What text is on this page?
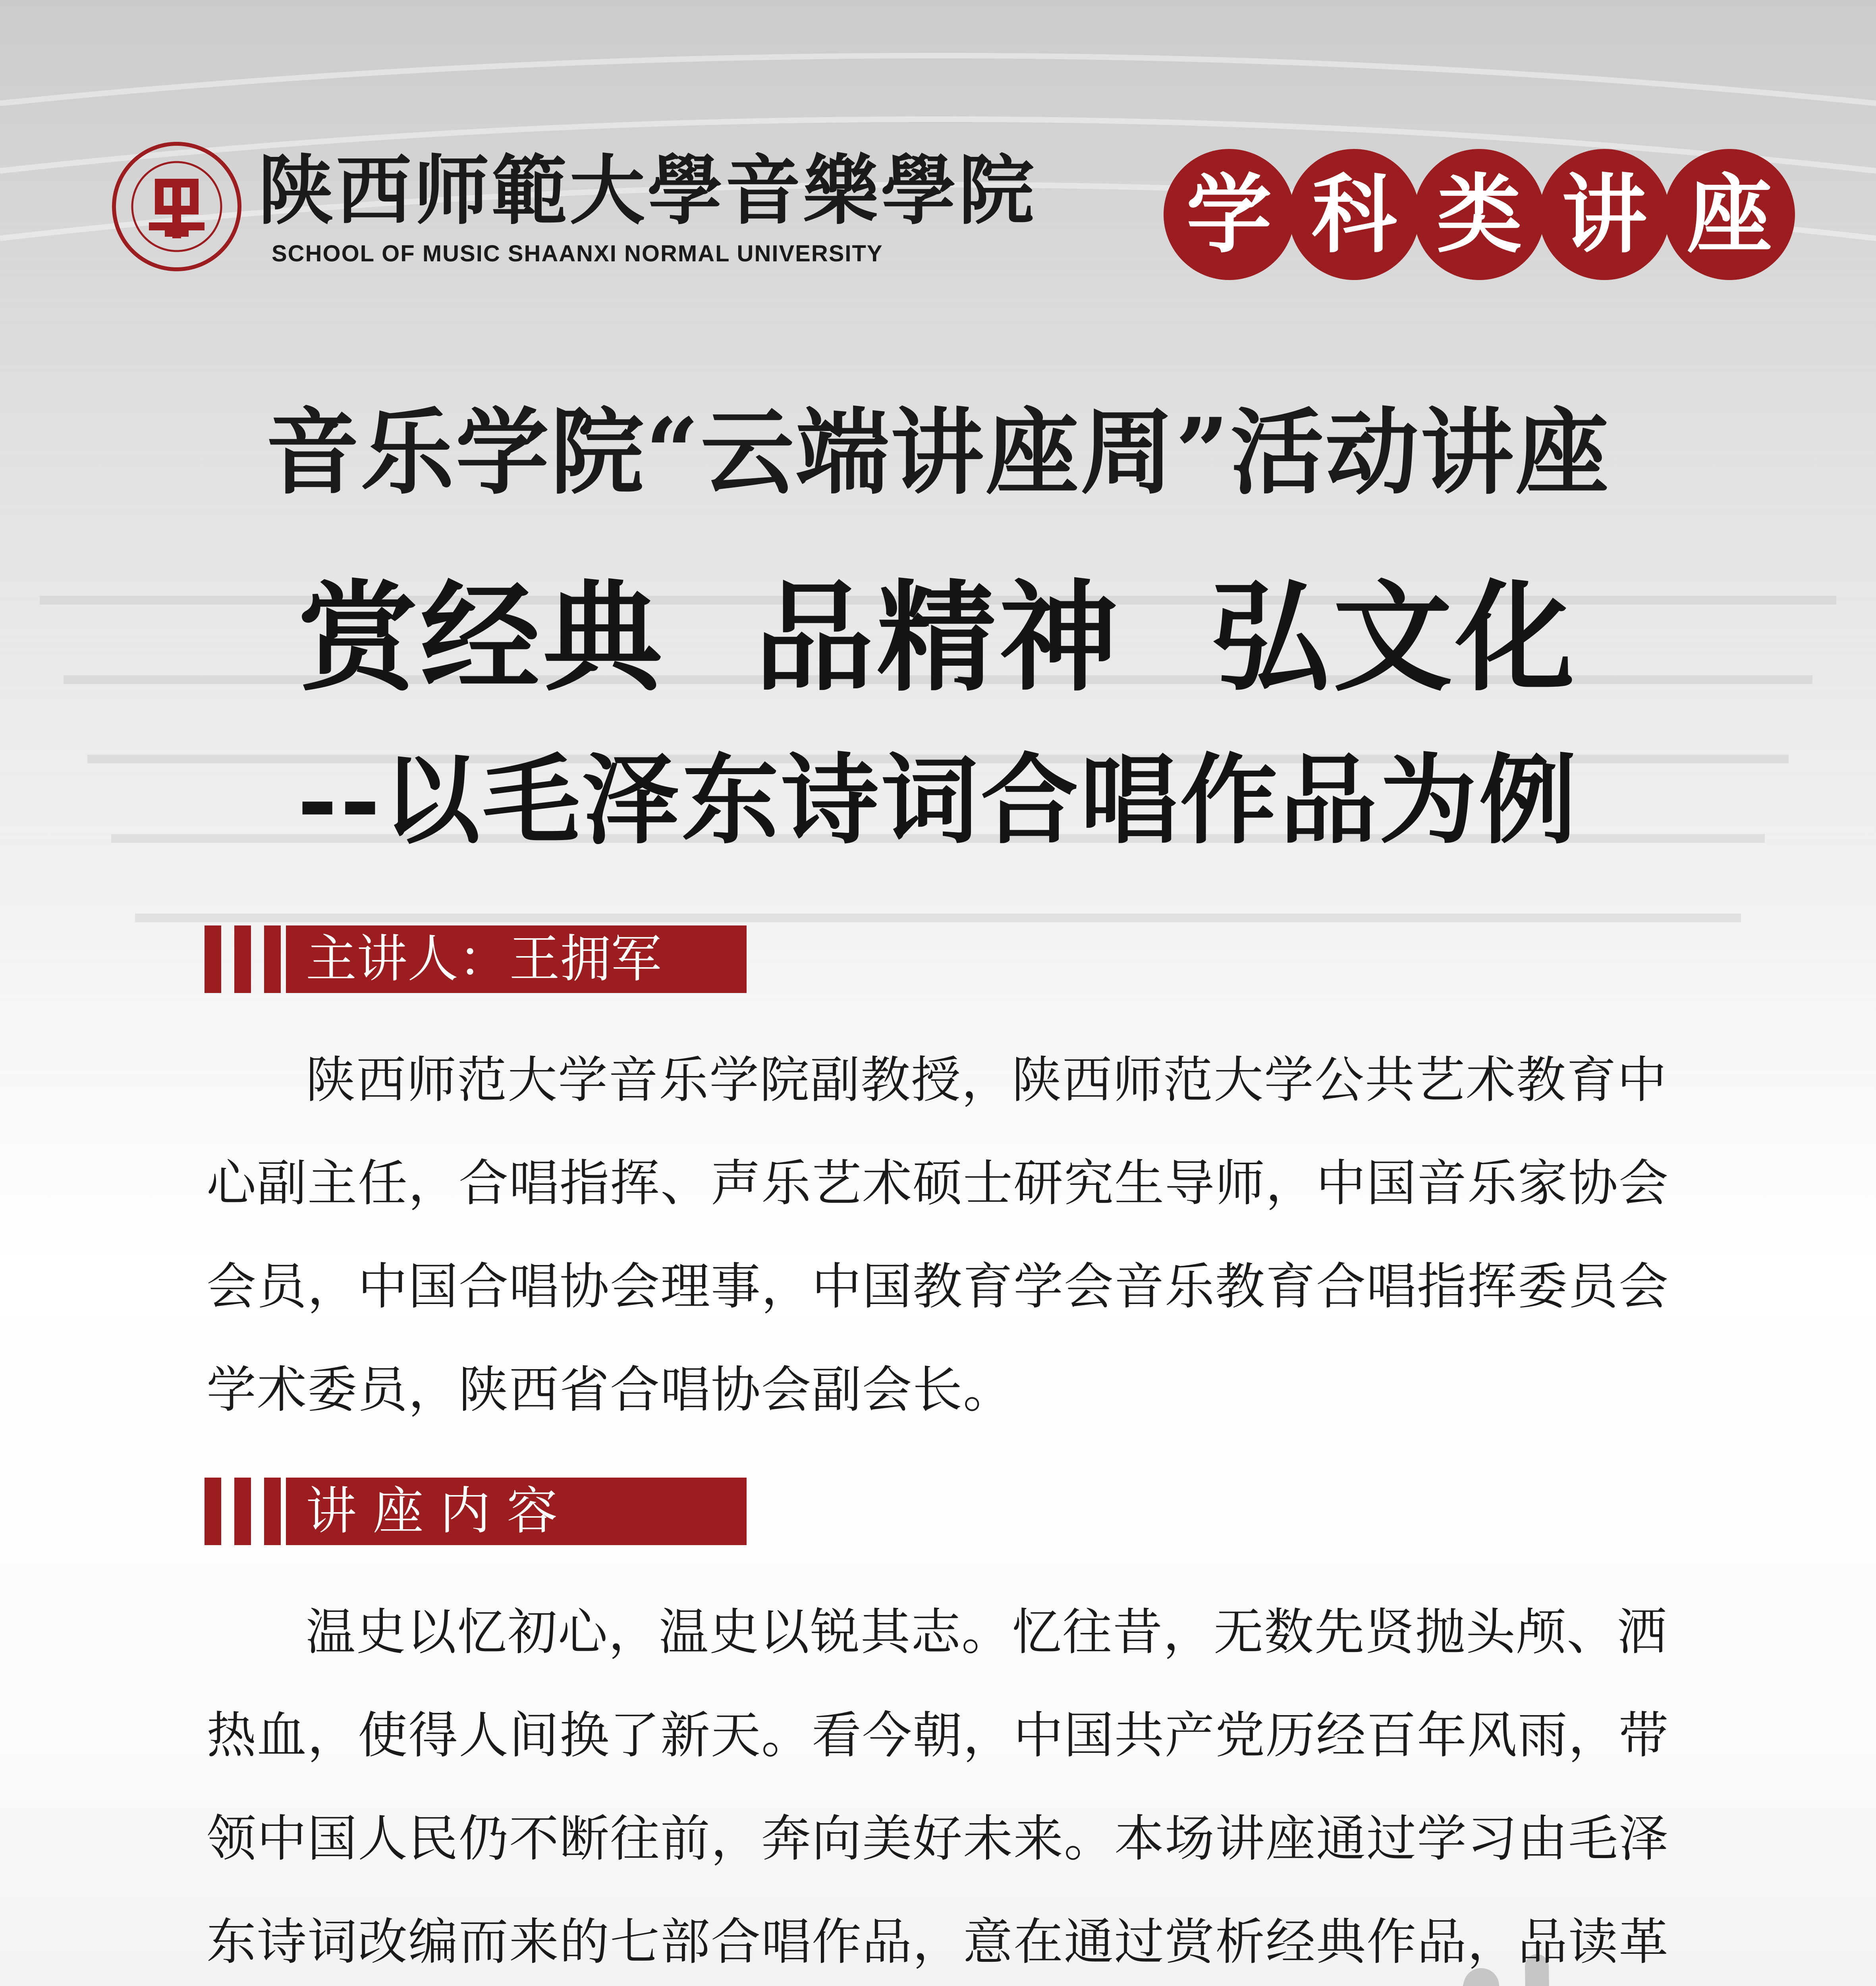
陕西师範大學音樂學院
SCHOOL OF MUSIC SHAANXI NORMAL UNIVERSITY	学 科 类 讲 座
音乐学院“云端讲座周”活动讲座
赏经典  品精神  弘文化
--以毛泽东诗词合唱作品为例
主讲人：王拥军
陕西师范大学音乐学院副教授，陕西师范大学公共艺术教育中心副主任，合唱指挥、声乐艺术硕士研究生导师，中国音乐家协会会员，中国合唱协会理事，中国教育学会音乐教育合唱指挥委员会学术委员，陕西省合唱协会副会长。
讲 座 内 容
温史以忆初心，温史以锐其志。忆往昔，无数先贤抛头颅、洒热血，使得人间换了新天。看今朝，中国共产党历经百年风雨，带领中国人民仍不断往前，奔向美好未来。本场讲座通过学习由毛泽东诗词改编而来的七部合唱作品，意在通过赏析经典作品，品读革
